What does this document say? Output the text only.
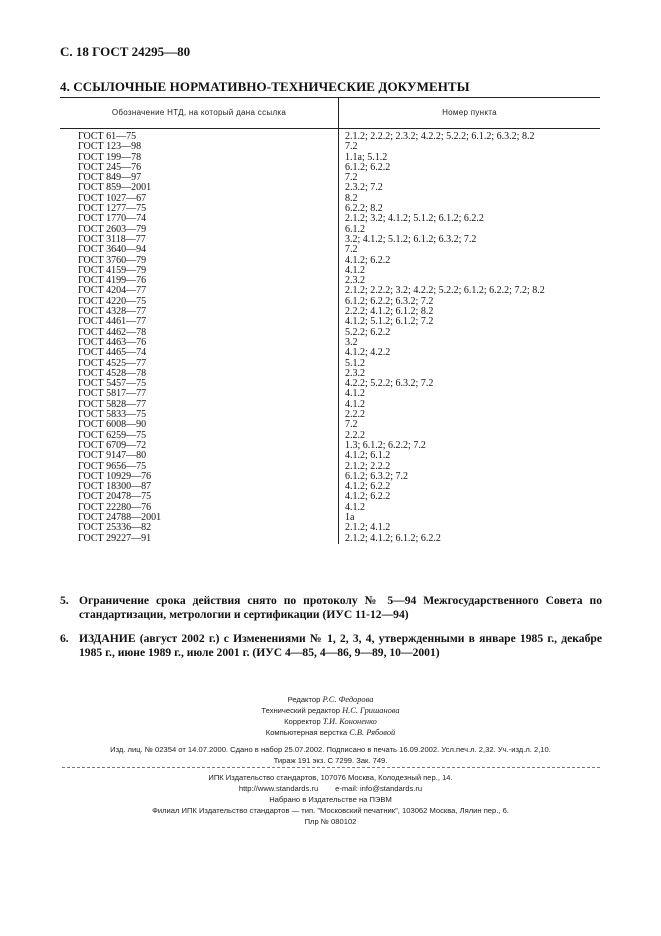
С. 18 ГОСТ 24295—80
4. ССЫЛОЧНЫЕ НОРМАТИВНО-ТЕХНИЧЕСКИЕ ДОКУМЕНТЫ
Обозначение НТД, на который дана ссылка	Номер пункта
ГОСТ 61—75	2.1.2; 2.2.2; 2.3.2; 4.2.2; 5.2.2; 6.1.2; 6.3.2; 8.2
ГОСТ 123—98	7.2
ГОСТ 199—78	1.1a; 5.1.2
ГОСТ 245—76	6.1.2; 6.2.2
ГОСТ 849—97	7.2
ГОСТ 859—2001	2.3.2; 7.2
ГОСТ 1027—67	8.2
ГОСТ 1277—75	6.2.2; 8.2
ГОСТ 1770—74	2.1.2; 3.2; 4.1.2; 5.1.2; 6.1.2; 6.2.2
ГОСТ 2603—79	6.1.2
ГОСТ 3118—77	3.2; 4.1.2; 5.1.2; 6.1.2; 6.3.2; 7.2
ГОСТ 3640—94	7.2
ГОСТ 3760—79	4.1.2; 6.2.2
ГОСТ 4159—79	4.1.2
ГОСТ 4199—76	2.3.2
ГОСТ 4204—77	2.1.2; 2.2.2; 3.2; 4.2.2; 5.2.2; 6.1.2; 6.2.2; 7.2; 8.2
ГОСТ 4220—75	6.1.2; 6.2.2; 6.3.2; 7.2
ГОСТ 4328—77	2.2.2; 4.1.2; 6.1.2; 8.2
ГОСТ 4461—77	4.1.2; 5.1.2; 6.1.2; 7.2
ГОСТ 4462—78	5.2.2; 6.2.2
ГОСТ 4463—76	3.2
ГОСТ 4465—74	4.1.2; 4.2.2
ГОСТ 4525—77	5.1.2
ГОСТ 4528—78	2.3.2
ГОСТ 5457—75	4.2.2; 5.2.2; 6.3.2; 7.2
ГОСТ 5817—77	4.1.2
ГОСТ 5828—77	4.1.2
ГОСТ 5833—75	2.2.2
ГОСТ 6008—90	7.2
ГОСТ 6259—75	2.2.2
ГОСТ 6709—72	1.3; 6.1.2; 6.2.2; 7.2
ГОСТ 9147—80	4.1.2; 6.1.2
ГОСТ 9656—75	2.1.2; 2.2.2
ГОСТ 10929—76	6.1.2; 6.3.2; 7.2
ГОСТ 18300—87	4.1.2; 6.2.2
ГОСТ 20478—75	4.1.2; 6.2.2
ГОСТ 22280—76	4.1.2
ГОСТ 24788—2001	1a
ГОСТ 25336—82	2.1.2; 4.1.2
ГОСТ 29227—91	2.1.2; 4.1.2; 6.1.2; 6.2.2
5. Ограничение срока действия снято по протоколу № 5—94 Межгосударственного Совета по стандартизации, метрологии и сертификации (ИУС 11-12—94)
6. ИЗДАНИЕ (август 2002 г.) с Изменениями № 1, 2, 3, 4, утвержденными в январе 1985 г., декабре 1985 г., июне 1989 г., июле 2001 г. (ИУС 4—85, 4—86, 9—89, 10—2001)
Редактор Р.С. Федорова
Технический редактор Н.С. Гришанова
Корректор Т.И. Кононенко
Компьютерная верстка С.В. Рябовой
Изд. лиц. № 02354 от 14.07.2000. Сдано в набор 25.07.2002. Подписано в печать 16.09.2002. Усл.печ.л. 2,32. Уч.-изд.л. 2,10.
Тираж 191 экз. С 7299. Зак. 749.
ИПК Издательство стандартов, 107076 Москва, Колодезный пер., 14.
http://www.standards.ru e-mail: info@standards.ru
Набрано в Издательстве на ПЭВМ
Филиал ИПК Издательство стандартов — тип. "Московский печатник", 103062 Москва, Лялин пер., 6.
Плр № 080102
